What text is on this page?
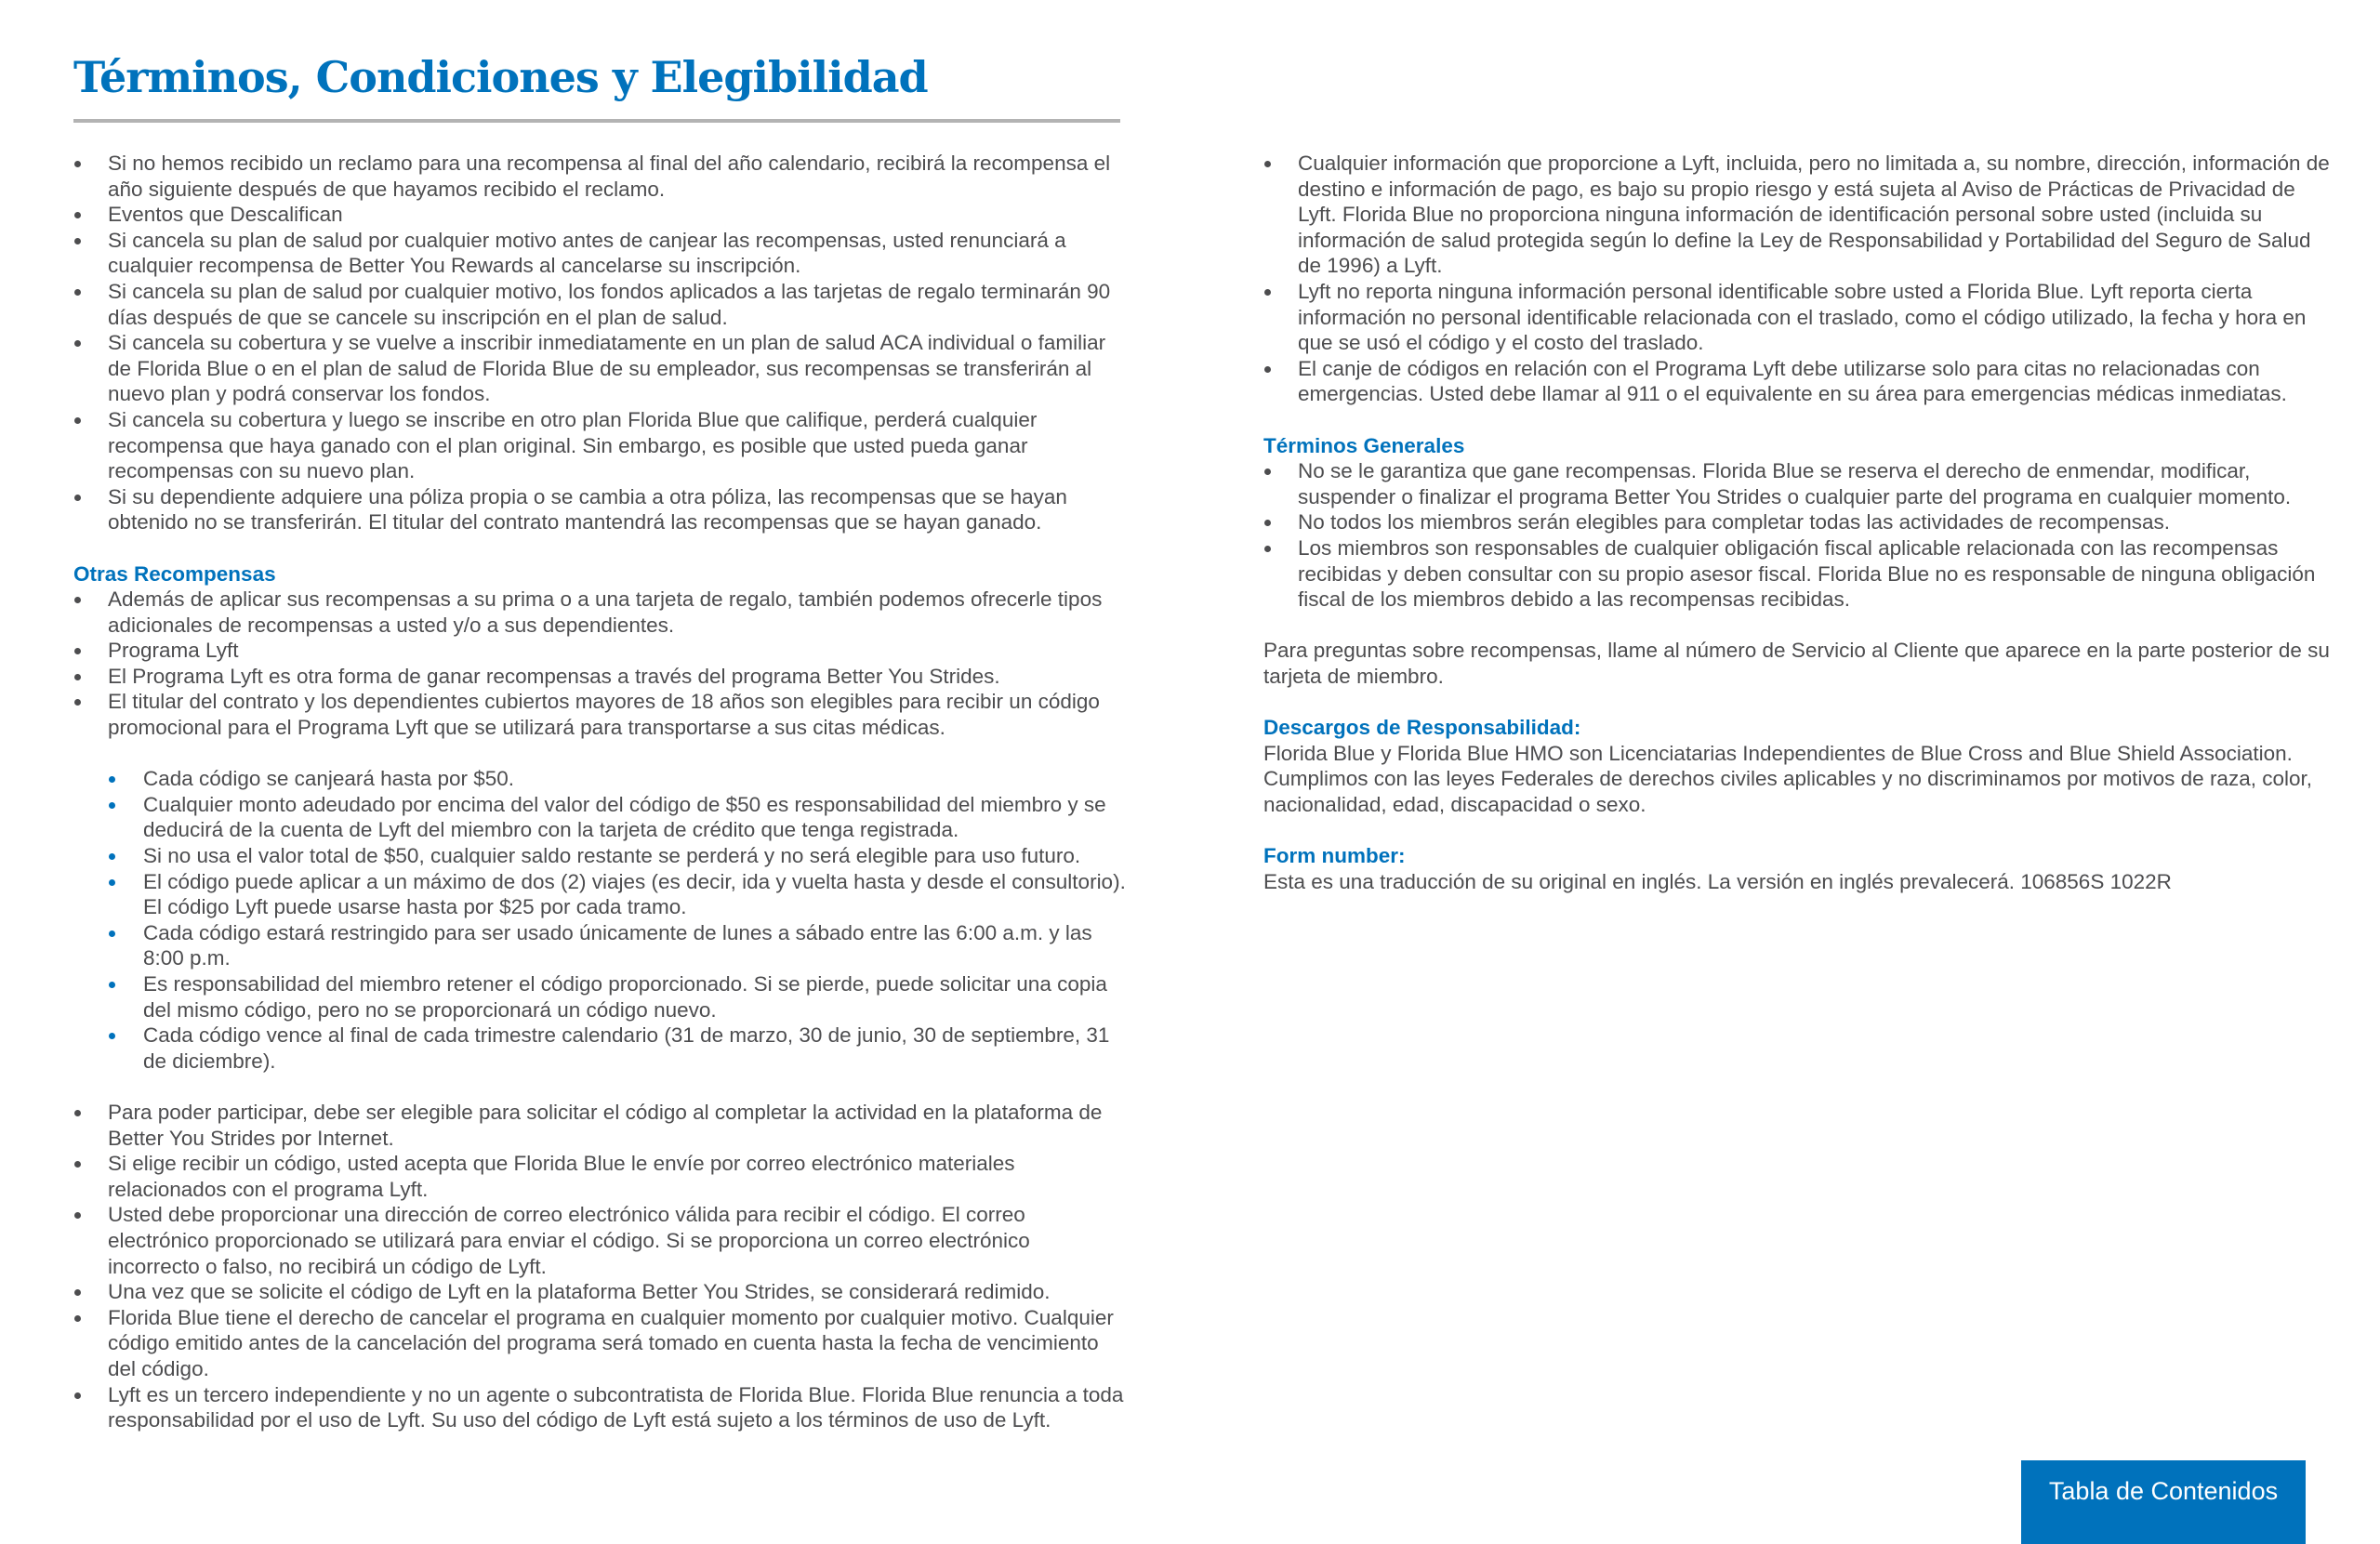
Términos, Condiciones y Elegibilidad
Si no hemos recibido un reclamo para una recompensa al final del año calendario, recibirá la recompensa el año siguiente después de que hayamos recibido el reclamo.
Eventos que Descalifican
Si cancela su plan de salud por cualquier motivo antes de canjear las recompensas, usted renunciará a cualquier recompensa de Better You Rewards al cancelarse su inscripción.
Si cancela su plan de salud por cualquier motivo, los fondos aplicados a las tarjetas de regalo terminarán 90 días después de que se cancele su inscripción en el plan de salud.
Si cancela su cobertura y se vuelve a inscribir inmediatamente en un plan de salud ACA individual o familiar de Florida Blue o en el plan de salud de Florida Blue de su empleador, sus recompensas se transferirán al nuevo plan y podrá conservar los fondos.
Si cancela su cobertura y luego se inscribe en otro plan Florida Blue que califique, perderá cualquier recompensa que haya ganado con el plan original. Sin embargo, es posible que usted pueda ganar recompensas con su nuevo plan.
Si su dependiente adquiere una póliza propia o se cambia a otra póliza, las recompensas que se hayan obtenido no se transferirán. El titular del contrato mantendrá las recompensas que se hayan ganado.

Otras Recompensas

Además de aplicar sus recompensas a su prima o a una tarjeta de regalo, también podemos ofrecerle tipos adicionales de recompensas a usted y/o a sus dependientes.
Programa Lyft
El Programa Lyft es otra forma de ganar recompensas a través del programa Better You Strides.
El titular del contrato y los dependientes cubiertos mayores de 18 años son elegibles para recibir un código promocional para el Programa Lyft que se utilizará para transportarse a sus citas médicas.
Cada código se canjeará hasta por $50.
Cualquier monto adeudado por encima del valor del código de $50 es responsabilidad del miembro y se deducirá de la cuenta de Lyft del miembro con la tarjeta de crédito que tenga registrada.
Si no usa el valor total de $50, cualquier saldo restante se perderá y no será elegible para uso futuro.
El código puede aplicar a un máximo de dos (2) viajes (es decir, ida y vuelta hasta y desde el consultorio). El código Lyft puede usarse hasta por $25 por cada tramo.
Cada código estará restringido para ser usado únicamente de lunes a sábado entre las 6:00 a.m. y las 8:00 p.m.
Es responsabilidad del miembro retener el código proporcionado. Si se pierde, puede solicitar una copia del mismo código, pero no se proporcionará un código nuevo.
Cada código vence al final de cada trimestre calendario (31 de marzo, 30 de junio, 30 de septiembre, 31 de diciembre).
Para poder participar, debe ser elegible para solicitar el código al completar la actividad en la plataforma de Better You Strides por Internet.
Si elige recibir un código, usted acepta que Florida Blue le envíe por correo electrónico materiales relacionados con el programa Lyft.
Usted debe proporcionar una dirección de correo electrónico válida para recibir el código. El correo electrónico proporcionado se utilizará para enviar el código. Si se proporciona un correo electrónico incorrecto o falso, no recibirá un código de Lyft.
Una vez que se solicite el código de Lyft en la plataforma Better You Strides, se considerará redimido.
Florida Blue tiene el derecho de cancelar el programa en cualquier momento por cualquier motivo. Cualquier código emitido antes de la cancelación del programa será tomado en cuenta hasta la fecha de vencimiento del código.
Lyft es un tercero independiente y no un agente o subcontratista de Florida Blue. Florida Blue renuncia a toda responsabilidad por el uso de Lyft. Su uso del código de Lyft está sujeto a los términos de uso de Lyft.
Cualquier información que proporcione a Lyft, incluida, pero no limitada a, su nombre, dirección, información de destino e información de pago, es bajo su propio riesgo y está sujeta al Aviso de Prácticas de Privacidad de Lyft. Florida Blue no proporciona ninguna información de identificación personal sobre usted (incluida su información de salud protegida según lo define la Ley de Responsabilidad y Portabilidad del Seguro de Salud de 1996) a Lyft.
Lyft no reporta ninguna información personal identificable sobre usted a Florida Blue. Lyft reporta cierta información no personal identificable relacionada con el traslado, como el código utilizado, la fecha y hora en que se usó el código y el costo del traslado.
El canje de códigos en relación con el Programa Lyft debe utilizarse solo para citas no relacionadas con emergencias. Usted debe llamar al 911 o el equivalente en su área para emergencias médicas inmediatas.

Términos Generales

No se le garantiza que gane recompensas. Florida Blue se reserva el derecho de enmendar, modificar, suspender o finalizar el programa Better You Strides o cualquier parte del programa en cualquier momento.
No todos los miembros serán elegibles para completar todas las actividades de recompensas.
Los miembros son responsables de cualquier obligación fiscal aplicable relacionada con las recompensas recibidas y deben consultar con su propio asesor fiscal. Florida Blue no es responsable de ninguna obligación fiscal de los miembros debido a las recompensas recibidas.

Para preguntas sobre recompensas, llame al número de Servicio al Cliente que aparece en la parte posterior de su tarjeta de miembro.

Descargos de Responsabilidad:

Florida Blue y Florida Blue HMO son Licenciatarias Independientes de Blue Cross and Blue Shield Association. Cumplimos con las leyes Federales de derechos civiles aplicables y no discriminamos por motivos de raza, color, nacionalidad, edad, discapacidad o sexo.

Form number:

Esta es una traducción de su original en inglés. La versión en inglés prevalecerá. 106856S 1022R

Tabla de Contenidos
